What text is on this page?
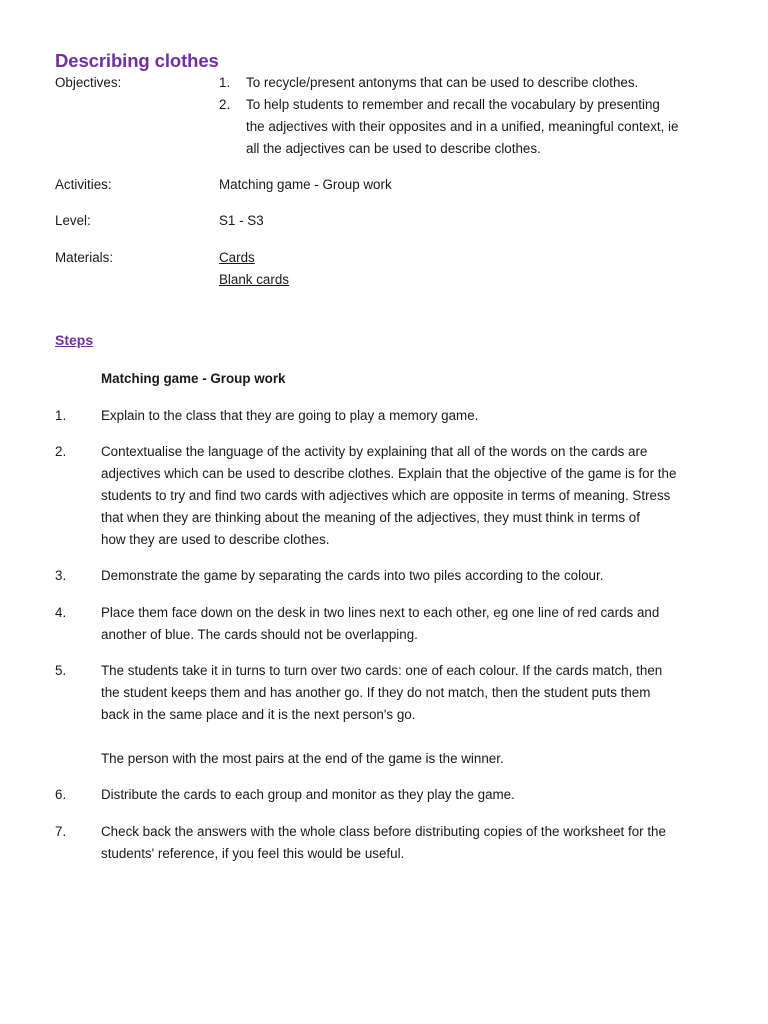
Describing clothes
Objectives:	1. To recycle/present antonyms that can be used to describe clothes.
2. To help students to remember and recall the vocabulary by presenting
the adjectives with their opposites and in a unified, meaningful context, ie
all the adjectives can be used to describe clothes.
Activities:	Matching game - Group work
Level:	S1 - S3
Materials:	Cards
Blank cards
Steps
Matching game - Group work
1.	Explain to the class that they are going to play a memory game.
2.	Contextualise the language of the activity by explaining that all of the words on the cards are
adjectives which can be used to describe clothes. Explain that the objective of the game is for the
students to try and find two cards with adjectives which are opposite in terms of meaning. Stress
that when they are thinking about the meaning of the adjectives, they must think in terms of
how they are used to describe clothes.
3.	Demonstrate the game by separating the cards into two piles according to the colour.
4.	Place them face down on the desk in two lines next to each other, eg one line of red cards and
another of blue. The cards should not be overlapping.
5.	The students take it in turns to turn over two cards: one of each colour. If the cards match, then
the student keeps them and has another go. If they do not match, then the student puts them
back in the same place and it is the next person's go.
The person with the most pairs at the end of the game is the winner.
6.	Distribute the cards to each group and monitor as they play the game.
7.	Check back the answers with the whole class before distributing copies of the worksheet for the
students' reference, if you feel this would be useful.
